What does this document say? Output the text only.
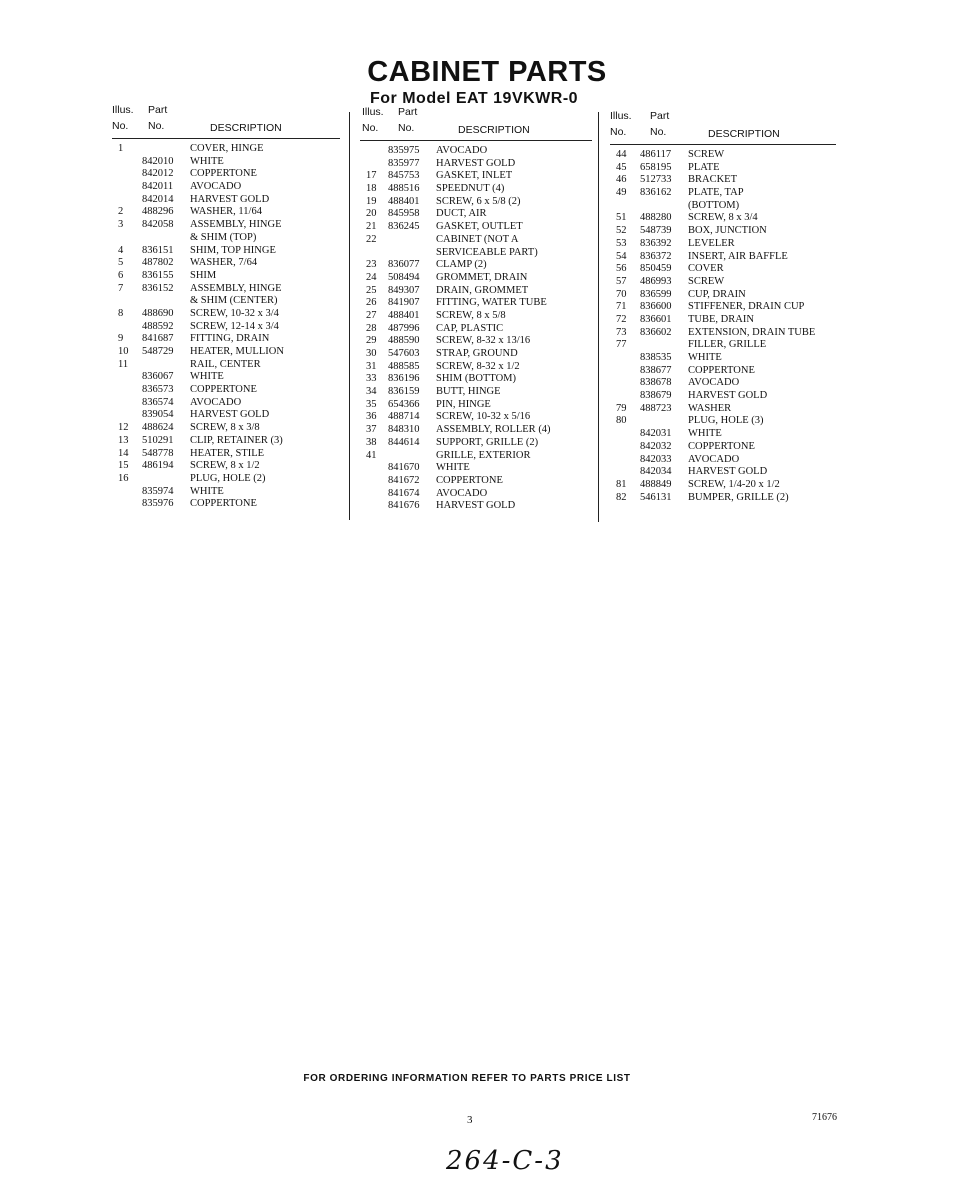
CABINET PARTS
For Model EAT 19VKWR-0
Illus. Part
No. No.	DESCRIPTION
1	COVER, HINGE
842010 WHITE
842012 COPPERTONE
842011 AVOCADO
842014 HARVEST GOLD
2 488296 WASHER, 11/64
3 842058 ASSEMBLY, HINGE
& SHIM (TOP)
4 836151 SHIM, TOP HINGE
5 487802 WASHER, 7/64
6 836155 SHIM
7 836152 ASSEMBLY, HINGE
& SHIM (CENTER)
8 488690 SCREW, 10-32 x 3/4
488592 SCREW, 12-14 x 3/4
9 841687 FITTING, DRAIN
10 548729 HEATER, MULLION
11	RAIL, CENTER
836067 WHITE
836573 COPPERTONE
836574 AVOCADO
839054 HARVEST GOLD
12 488624 SCREW, 8 x 3/8
13 510291 CLIP, RETAINER (3)
14 548778 HEATER, STILE
15 486194 SCREW, 8 x 1/2
16	PLUG, HOLE (2)
835974 WHITE
835976 COPPERTONE
Illus. Part
No. No.	DESCRIPTION
835975 AVOCADO
835977 HARVEST GOLD
17 845753 GASKET, INLET
18 488516 SPEEDNUT (4)
19 488401 SCREW, 6 x 5/8 (2)
20 845958 DUCT, AIR
21 836245 GASKET, OUTLET
22	CABINET (NOT A
SERVICEABLE PART)
23 836077 CLAMP (2)
24 508494 GROMMET, DRAIN
25 849307 DRAIN, GROMMET
26 841907 FITTING, WATER TUBE
27 488401 SCREW, 8 x 5/8
28 487996 CAP, PLASTIC
29 488590 SCREW, 8-32 x 13/16
30 547603 STRAP, GROUND
31 488585 SCREW, 8-32 x 1/2
33 836196 SHIM (BOTTOM)
34 836159 BUTT, HINGE
35 654366 PIN, HINGE
36 488714 SCREW, 10-32 x 5/16
37 848310 ASSEMBLY, ROLLER (4)
38 844614 SUPPORT, GRILLE (2)
41	GRILLE, EXTERIOR
841670 WHITE
841672 COPPERTONE
841674 AVOCADO
841676 HARVEST GOLD
Illus. Part
No. No.	DESCRIPTION
44 486117 SCREW
45 658195 PLATE
46 512733 BRACKET
49 836162 PLATE, TAP
(BOTTOM)
51 488280 SCREW, 8 x 3/4
52 548739 BOX, JUNCTION
53 836392 LEVELER
54 836372 INSERT, AIR BAFFLE
56 850459 COVER
57 486993 SCREW
70 836599 CUP, DRAIN
71 836600 STIFFENER, DRAIN CUP
72 836601 TUBE, DRAIN
73 836602 EXTENSION, DRAIN TUBE
77	FILLER, GRILLE
838535 WHITE
838677 COPPERTONE
838678 AVOCADO
838679 HARVEST GOLD
79 488723 WASHER
80	PLUG, HOLE (3)
842031 WHITE
842032 COPPERTONE
842033 AVOCADO
842034 HARVEST GOLD
81 488849 SCREW, 1/4-20 x 1/2
82 546131 BUMPER, GRILLE (2)
FOR ORDERING INFORMATION REFER TO PARTS PRICE LIST
3	71676
264-C-3
